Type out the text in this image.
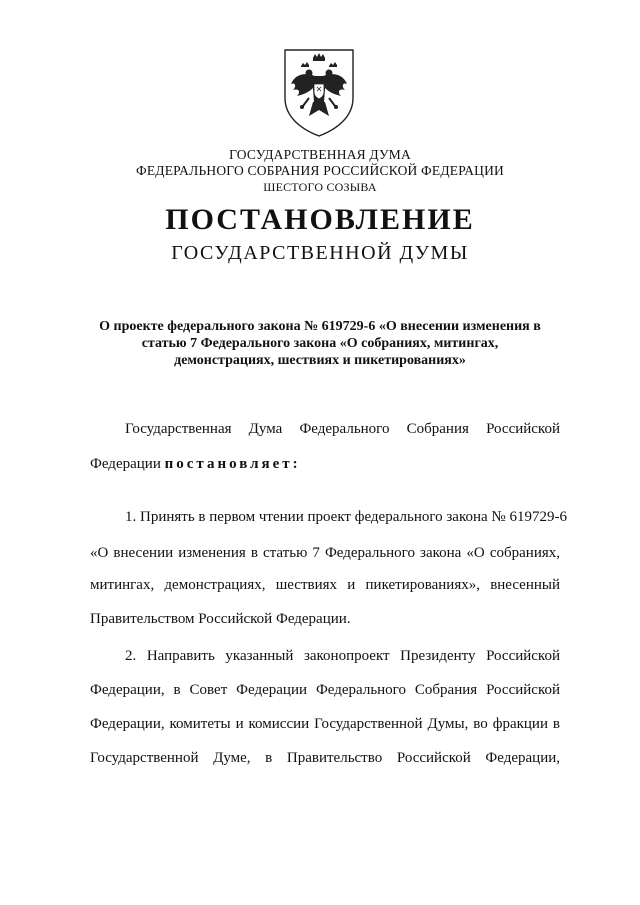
ГОСУДАРСТВЕННАЯ ДУМА
ФЕДЕРАЛЬНОГО СОБРАНИЯ РОССИЙСКОЙ ФЕДЕРАЦИИ
ШЕСТОГО СОЗЫВА
ПОСТАНОВЛЕНИЕ
ГОСУДАРСТВЕННОЙ ДУМЫ
О проекте федерального закона № 619729-6 «О внесении изменения в
статью 7 Федерального закона «О собраниях, митингах,
демонстрациях, шествиях и пикетированиях»
Государственная Дума Федерального Собрания Российской
Федерации постановляет:
1. Принять в первом чтении проект федерального закона № 619729-6
«О внесении изменения в статью 7 Федерального закона «О собраниях,
митингах, демонстрациях, шествиях и пикетированиях», внесенный
Правительством Российской Федерации.
2. Направить указанный законопроект Президенту Российской
Федерации, в Совет Федерации Федерального Собрания Российской
Федерации, комитеты и комиссии Государственной Думы, во фракции в
Государственной Думе, в Правительство Российской Федерации,
